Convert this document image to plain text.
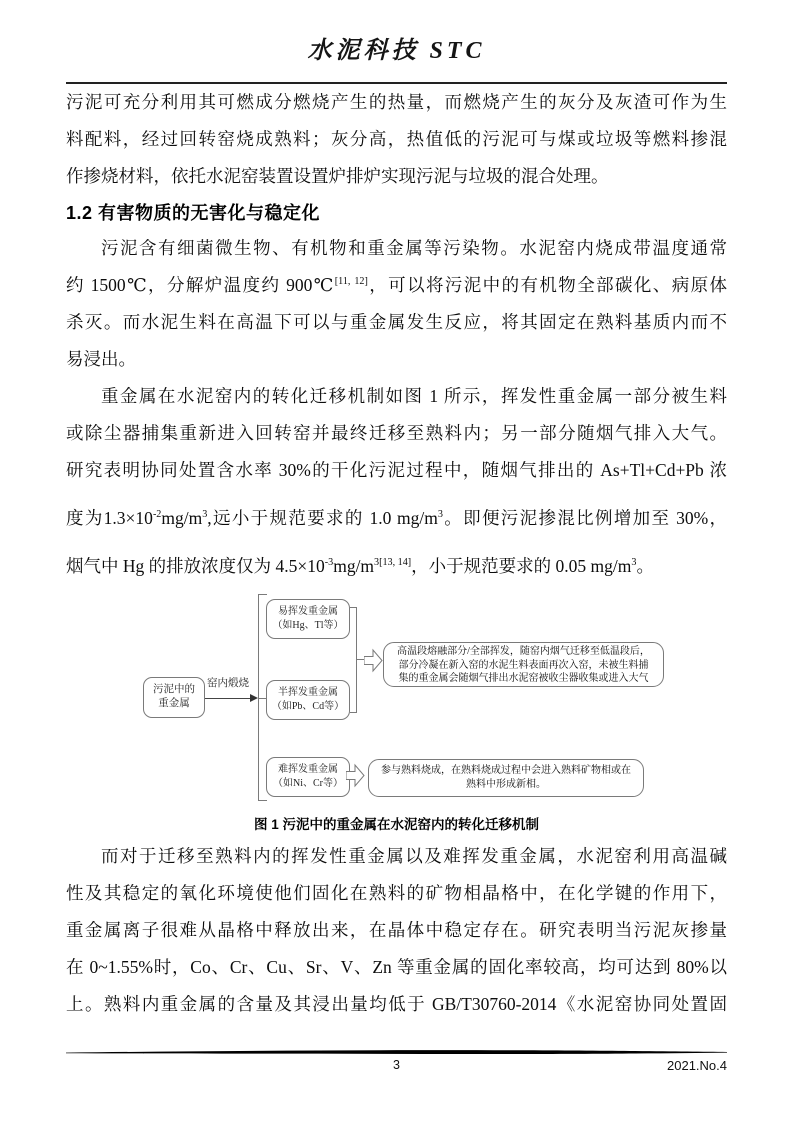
水泥科技 STC
污泥可充分利用其可燃成分燃烧产生的热量，而燃烧产生的灰分及灰渣可作为生
料配料，经过回转窑烧成熟料；灰分高，热值低的污泥可与煤或垃圾等燃料掺混
作掺烧材料，依托水泥窑装置设置炉排炉实现污泥与垃圾的混合处理。
1.2 有害物质的无害化与稳定化
污泥含有细菌微生物、有机物和重金属等污染物。水泥窑内烧成带温度通常
约 1500℃，分解炉温度约 900℃[11, 12]，可以将污泥中的有机物全部碳化、病原体
杀灭。而水泥生料在高温下可以与重金属发生反应，将其固定在熟料基质内而不
易浸出。
重金属在水泥窑内的转化迁移机制如图 1 所示，挥发性重金属一部分被生料
或除尘器捕集重新进入回转窑并最终迁移至熟料内；另一部分随烟气排入大气。
研究表明协同处置含水率 30%的干化污泥过程中，随烟气排出的 As+Tl+Cd+Pb 浓
度为$1.3\times 10^{-2}mg/m^3$,远小于规范要求的 1.0 $mg/m^3$。即便污泥掺混比例增加至 30%，
烟气中 Hg 的排放浓度仅为 $4.5\times 10^{-3}mg/m^{3[13, 14]}$，小于规范要求的 0.05 $mg/m^3$。
污泥中的
重金属
窑内煅烧
易挥发重金属
（如Hg、Tl等）
半挥发重金属
（如Pb、Cd等）
难挥发重金属
（如Ni、Cr等）
高温段熔融部分/全部挥发，随窑内烟气迁移至低温段后，
部分冷凝在新入窑的水泥生料表面再次入窑，未被生料捕
集的重金属会随烟气排出水泥窑被收尘器收集或进入大气
参与熟料烧成，在熟料烧成过程中会进入熟料矿物相或在
熟料中形成新相。
图 1 污泥中的重金属在水泥窑内的转化迁移机制
而对于迁移至熟料内的挥发性重金属以及难挥发重金属，水泥窑利用高温碱
性及其稳定的氧化环境使他们固化在熟料的矿物相晶格中，在化学键的作用下，
重金属离子很难从晶格中释放出来，在晶体中稳定存在。研究表明当污泥灰掺量
在 0~1.55%时，Co、Cr、Cu、Sr、V、Zn 等重金属的固化率较高，均可达到 80%以
上。熟料内重金属的含量及其浸出量均低于 GB/T30760-2014《水泥窑协同处置固
3	2021.No.4
